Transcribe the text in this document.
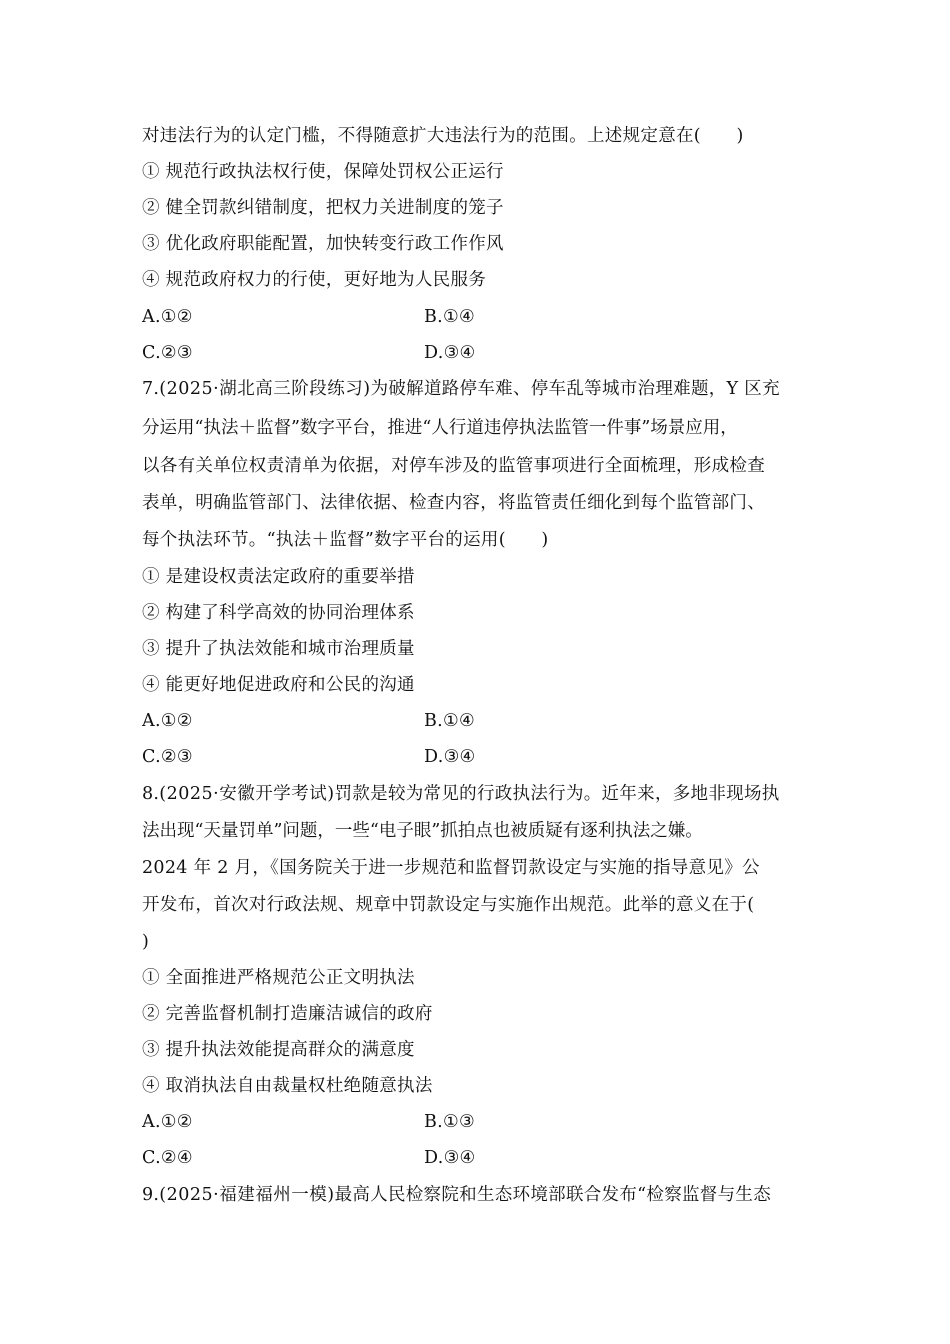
对违法行为的认定门槛，不得随意扩大违法行为的范围。上述规定意在(　　)
① 规范行政执法权行使，保障处罚权公正运行
② 健全罚款纠错制度，把权力关进制度的笼子
③ 优化政府职能配置，加快转变行政工作作风
④ 规范政府权力的行使，更好地为人民服务
A.①②	B.①④
C.②③	D.③④
7.(2025·湖北高三阶段练习)为破解道路停车难、停车乱等城市治理难题，Y 区充
分运用“执法＋监督”数字平台，推进“人行道违停执法监管一件事”场景应用，
以各有关单位权责清单为依据，对停车涉及的监管事项进行全面梳理，形成检查
表单，明确监管部门、法律依据、检查内容，将监管责任细化到每个监管部门、
每个执法环节。“执法＋监督”数字平台的运用(　　)
① 是建设权责法定政府的重要举措
② 构建了科学高效的协同治理体系
③ 提升了执法效能和城市治理质量
④ 能更好地促进政府和公民的沟通
A.①②	B.①④
C.②③	D.③④
8.(2025·安徽开学考试)罚款是较为常见的行政执法行为。近年来，多地非现场执
法出现“天量罚单”问题，一些“电子眼”抓拍点也被质疑有逐利执法之嫌。
2024 年 2 月，《国务院关于进一步规范和监督罚款设定与实施的指导意见》公
开发布，首次对行政法规、规章中罚款设定与实施作出规范。此举的意义在于(
)
① 全面推进严格规范公正文明执法
② 完善监督机制打造廉洁诚信的政府
③ 提升执法效能提高群众的满意度
④ 取消执法自由裁量权杜绝随意执法
A.①②	B.①③
C.②④	D.③④
9.(2025·福建福州一模)最高人民检察院和生态环境部联合发布“检察监督与生态
